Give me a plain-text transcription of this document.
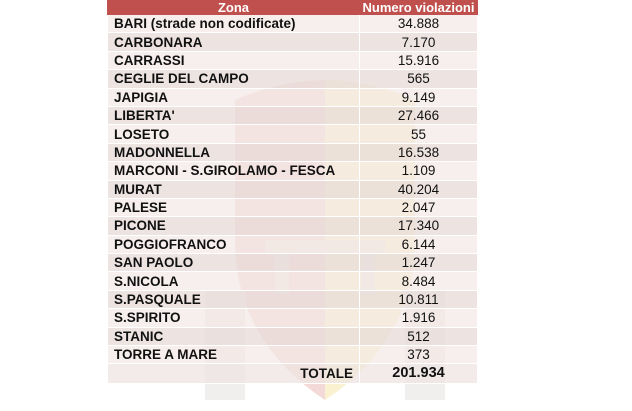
Zona	Numero violazioni
BARI (strade non codificate)	34.888
CARBONARA	7.170
CARRASSI	15.916
CEGLIE DEL CAMPO	565
JAPIGIA	9.149
LIBERTA'	27.466
LOSETO	55
MADONNELLA	16.538
MARCONI - S.GIROLAMO - FESCA	1.109
MURAT	40.204
PALESE	2.047
PICONE	17.340
POGGIOFRANCO	6.144
SAN PAOLO	1.247
S.NICOLA	8.484
S.PASQUALE	10.811
S.SPIRITO	1.916
STANIC	512
TORRE A MARE	373
TOTALE	201.934
